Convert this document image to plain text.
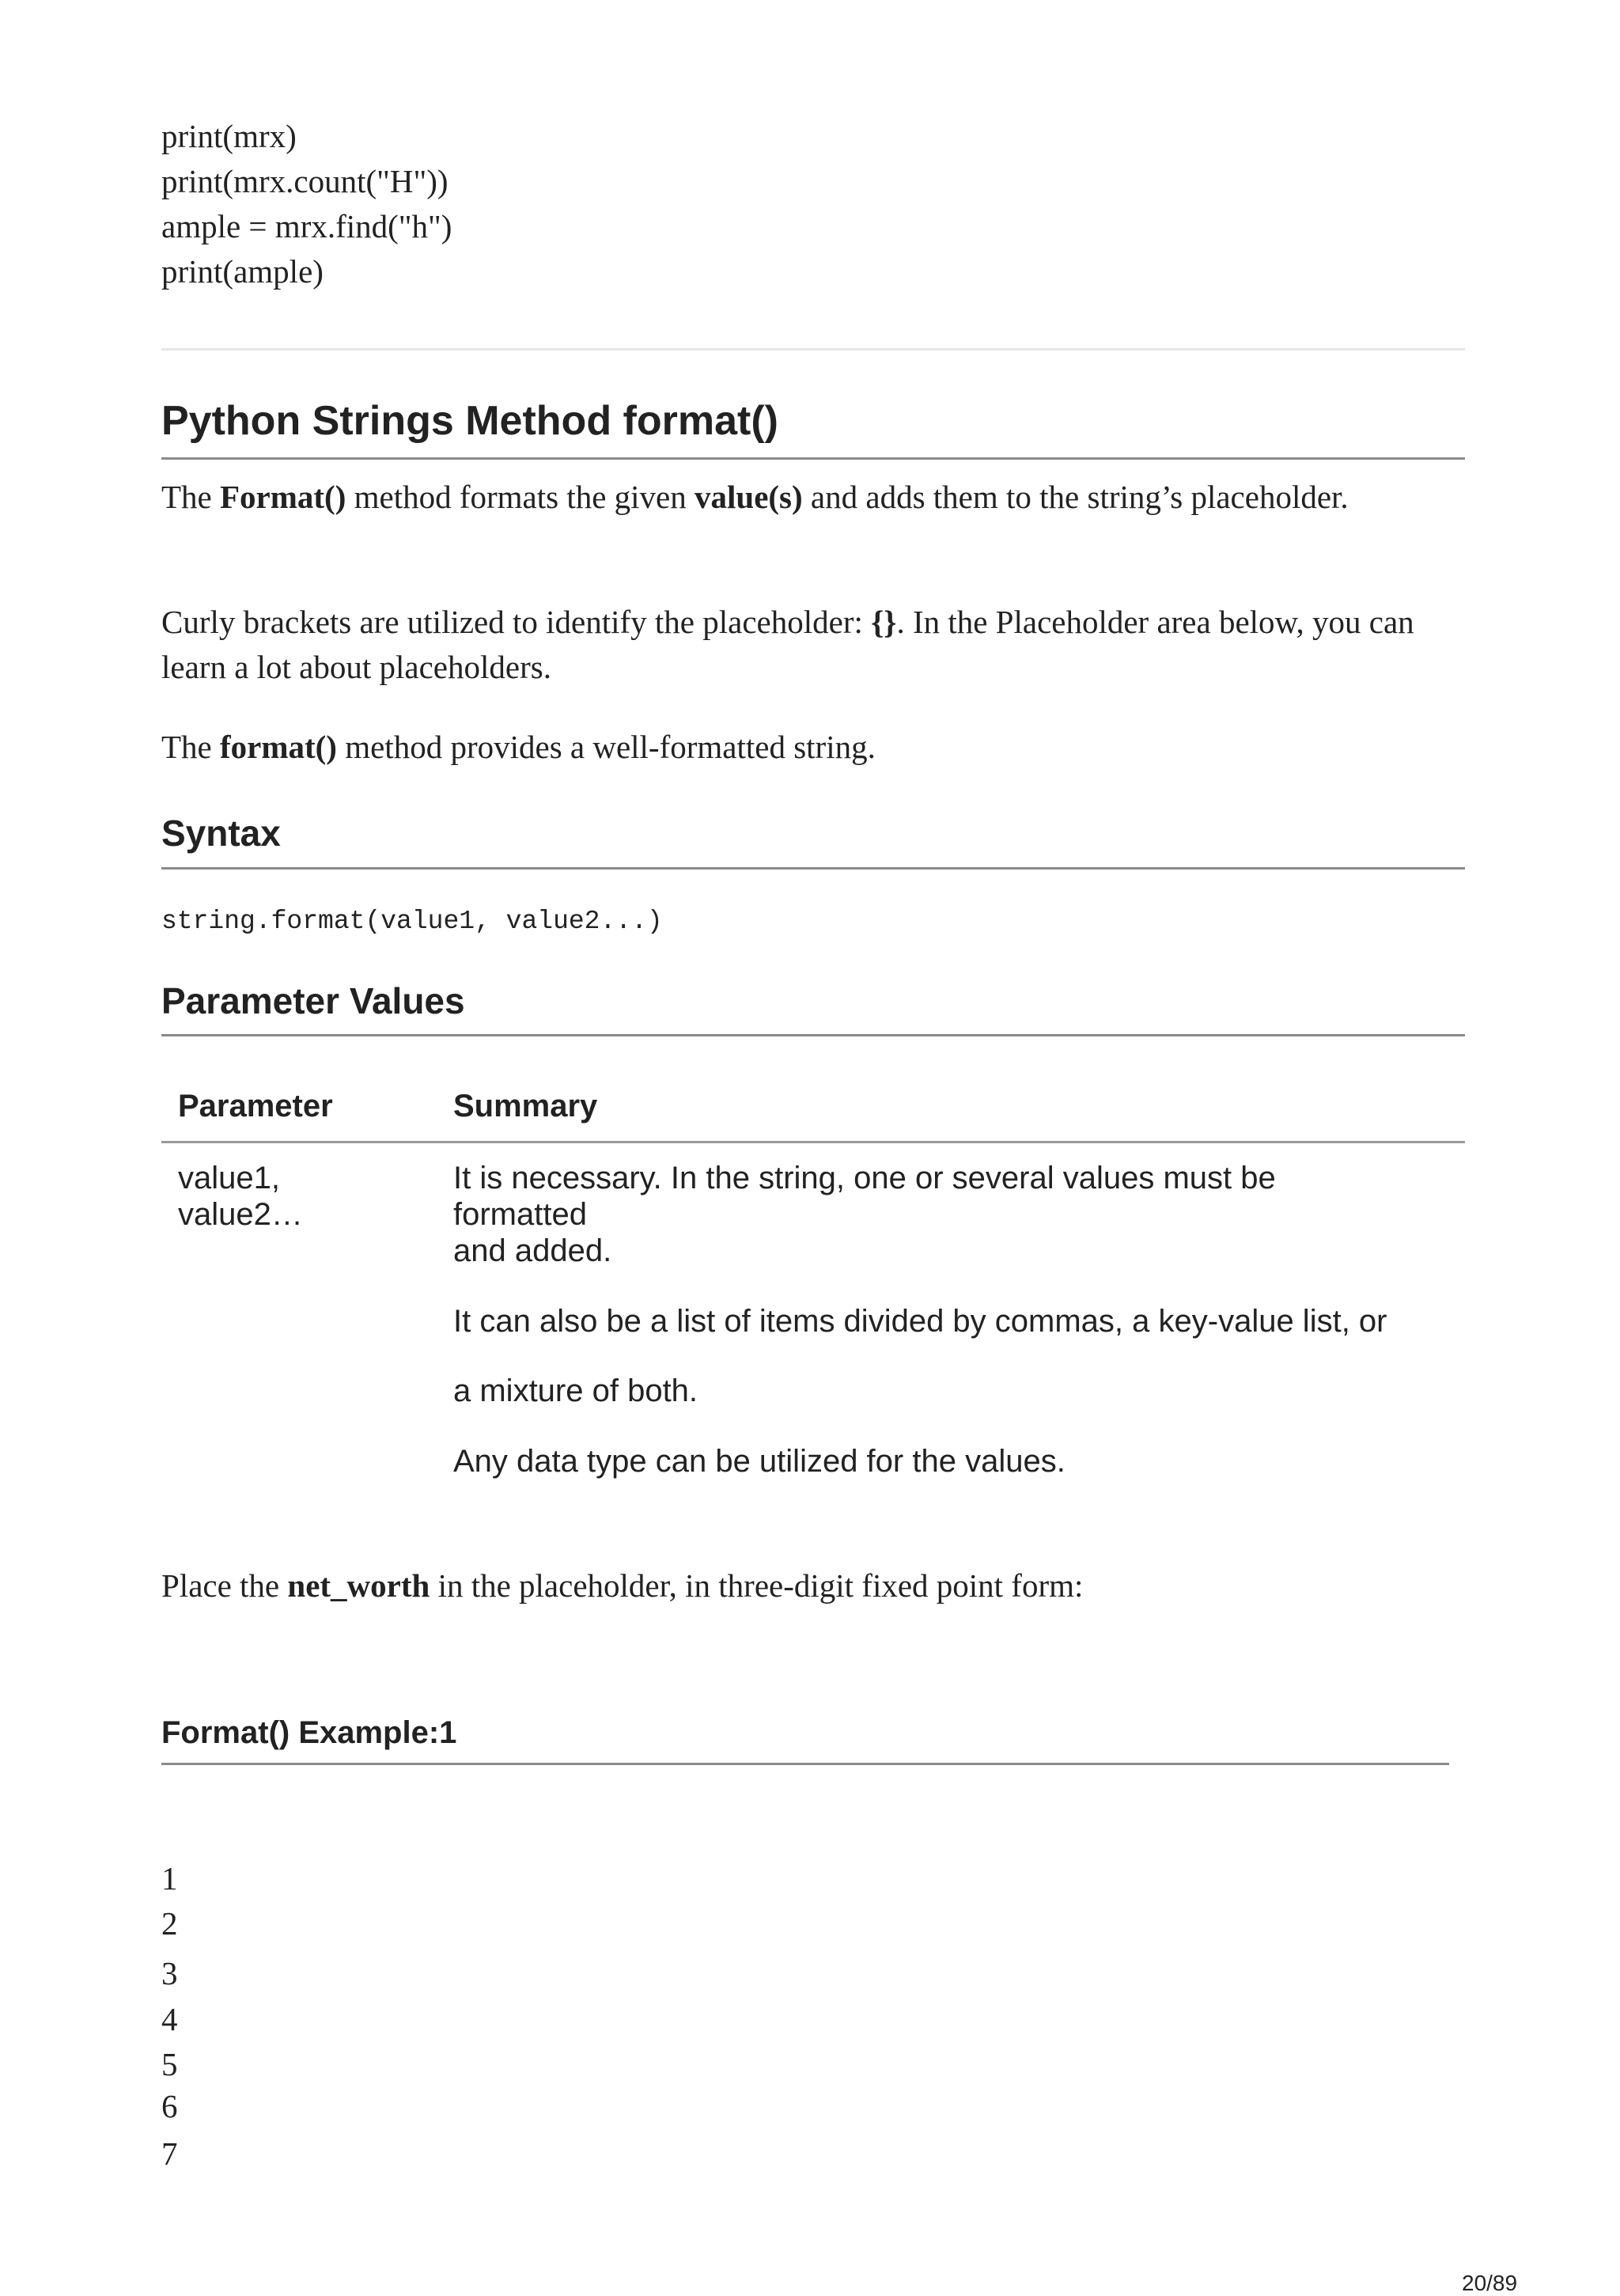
print(mrx)
print(mrx.count("H"))
ample = mrx.find("h")
print(ample)
Python Strings Method format()

The Format() method formats the given value(s) and adds them to the string’s placeholder.

Curly brackets are utilized to identify the placeholder: {}. In the Placeholder area below, you can learn a lot about placeholders.

The format() method provides a well-formatted string.

Syntax
string.format(value1, value2...)
Parameter Values
Parameter	Summary
value1,
value2…
It is necessary. In the string, one or several values must be
formatted
and added.
It can also be a list of items divided by commas, a key-value list, or
a mixture of both.
Any data type can be utilized for the values.

Place the net_worth in the placeholder, in three-digit fixed point form:

Format() Example:1
1
2
3
4
5
6
7
20/89
